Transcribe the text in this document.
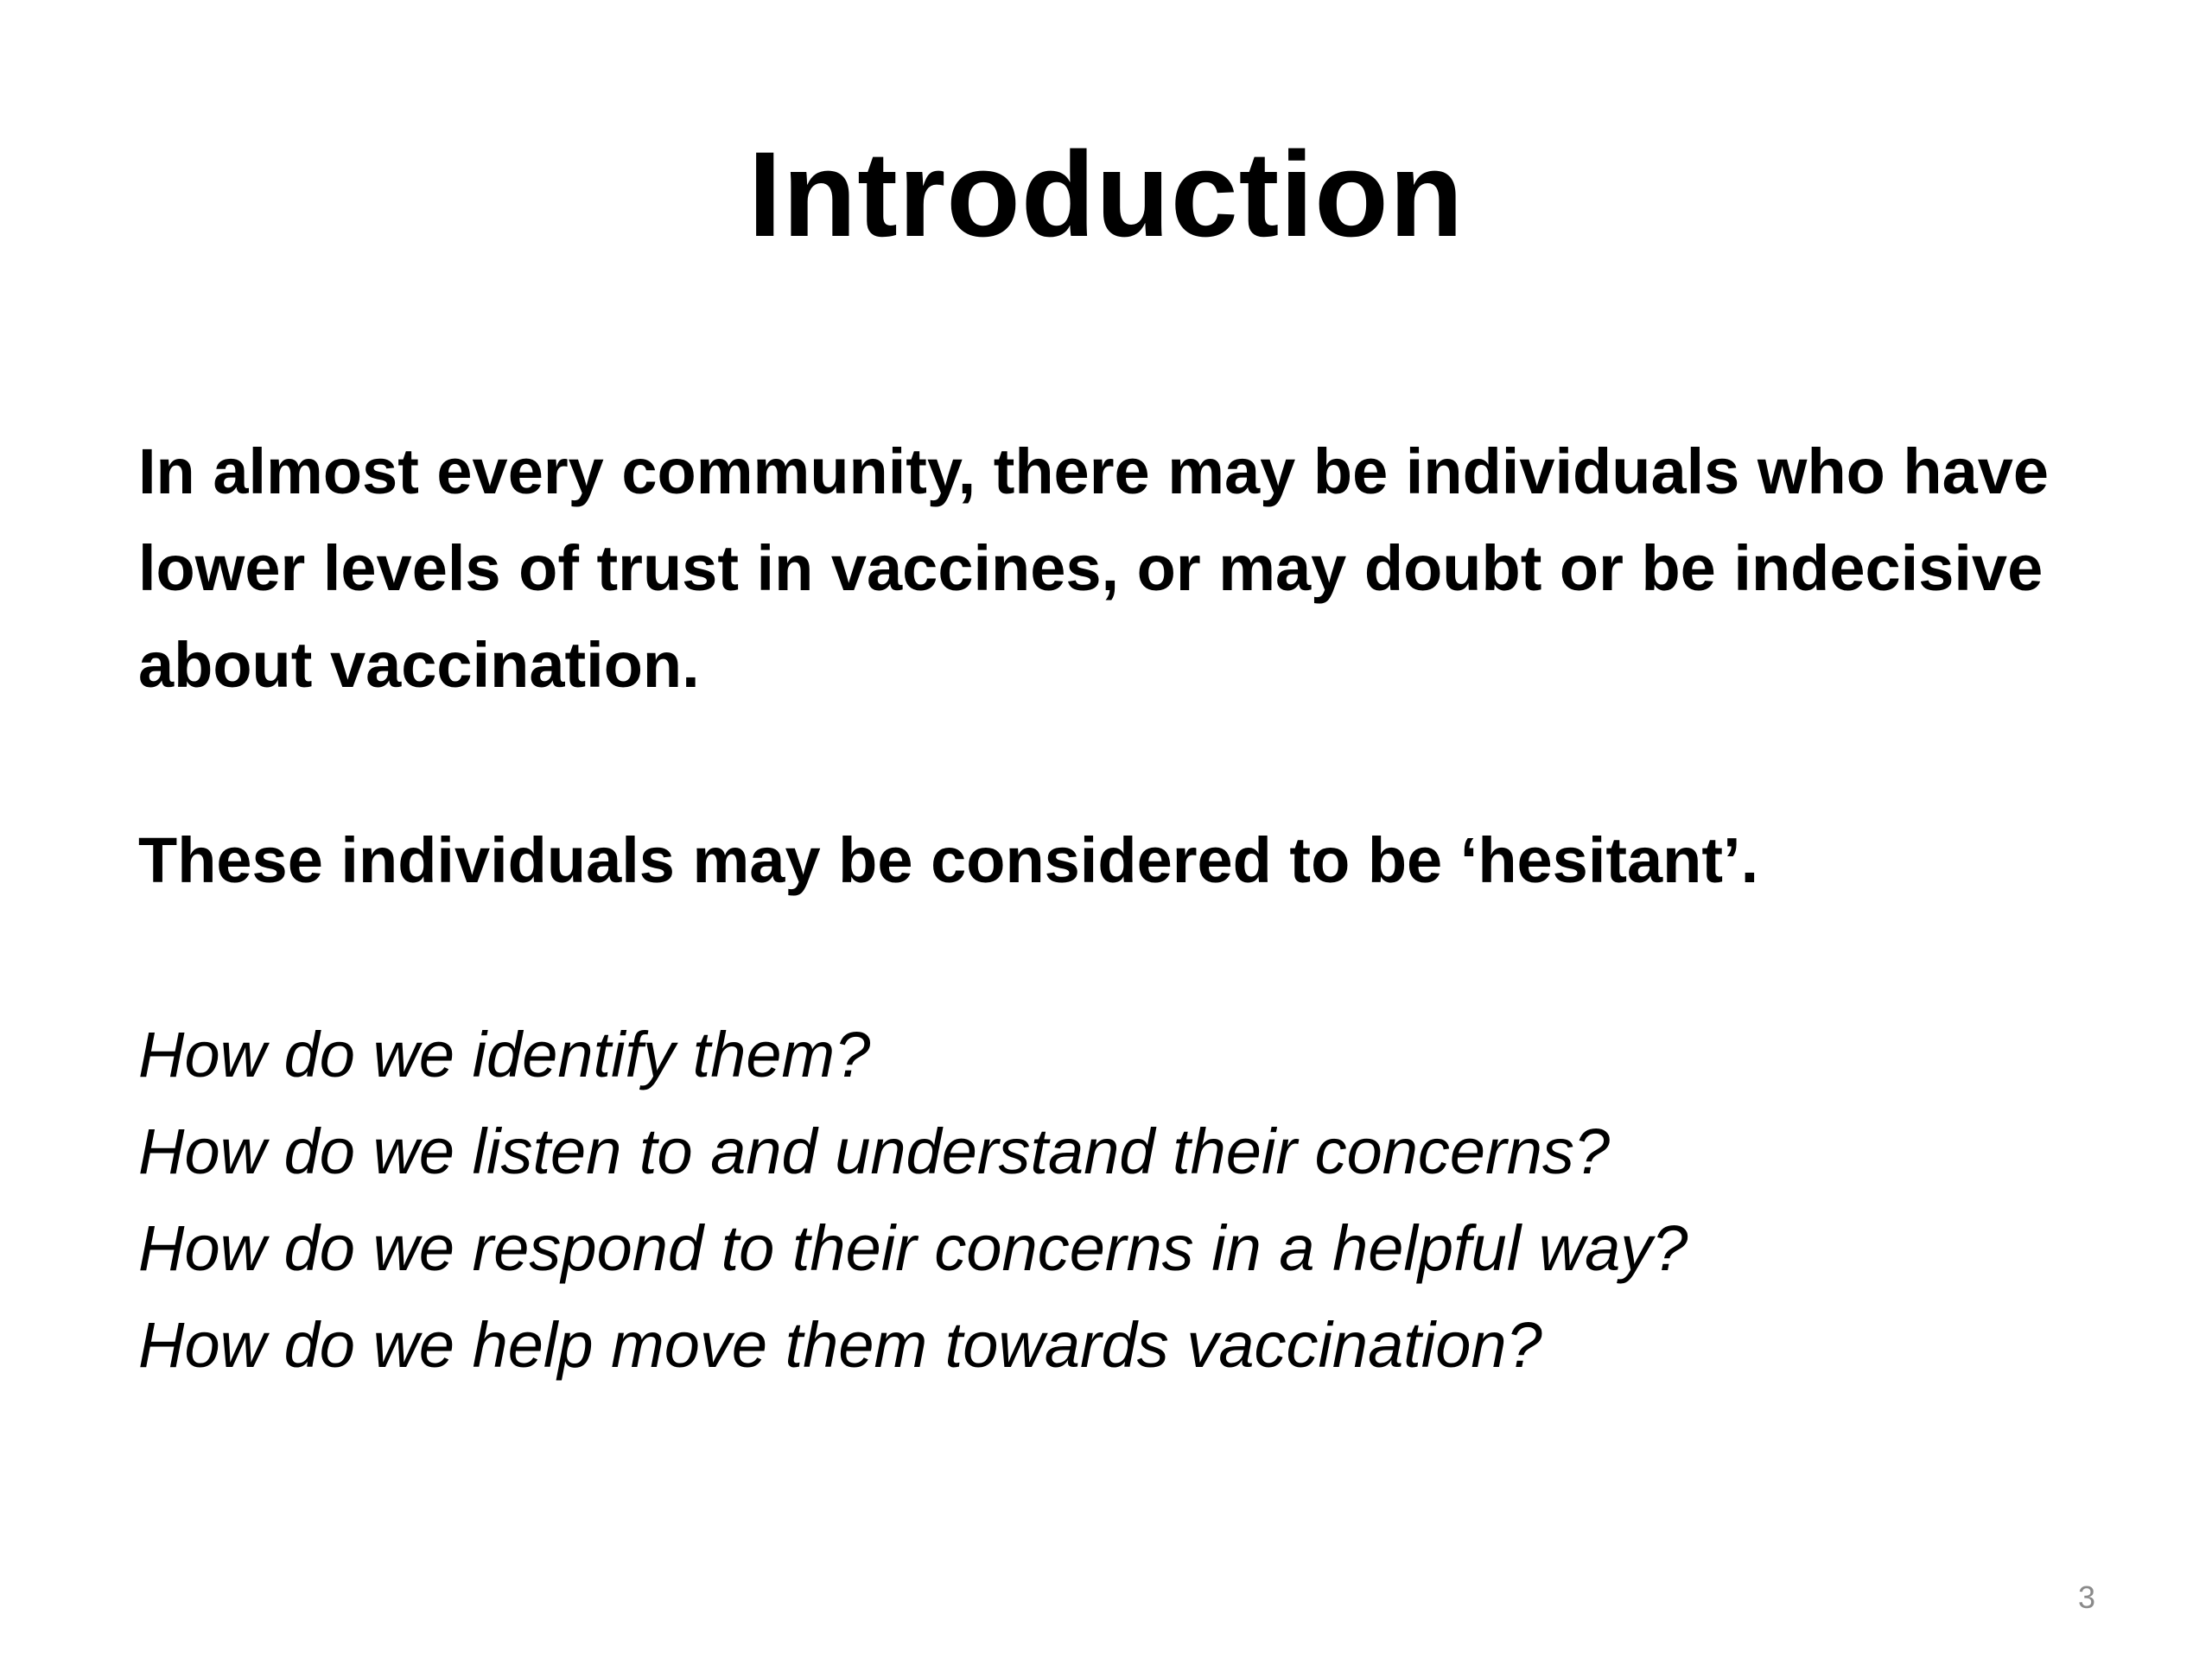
Introduction

In almost every community, there may be individuals who have lower levels of trust in vaccines, or may doubt or be indecisive about vaccination.

These individuals may be considered to be ‘hesitant’.

How do we identify them?

How do we listen to and understand their concerns?

How do we respond to their concerns in a helpful way?

How do we help move them towards vaccination?

3
